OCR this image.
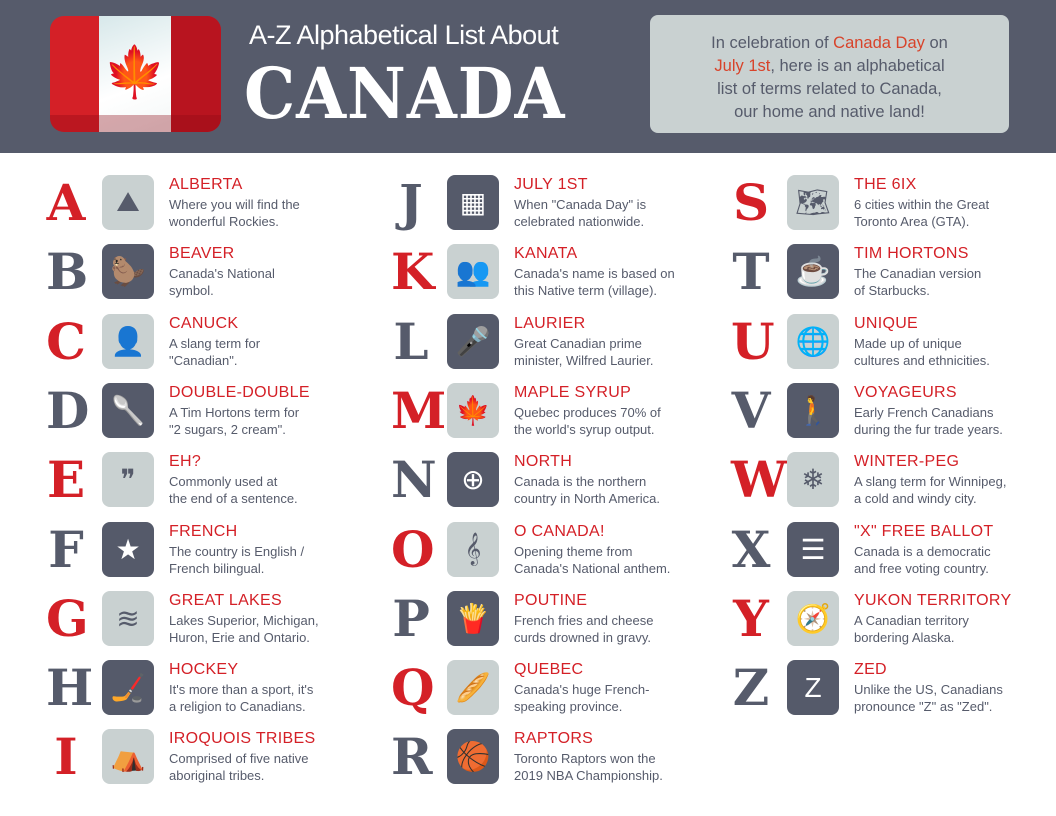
🍁
A-Z Alphabetical List About
CANADA
In celebration of Canada Day on
July 1st, here is an alphabetical
list of terms related to Canada,
our home and native land!
A	⛰
ALBERTA
Where you will find the
wonderful Rockies.
B 🦫
BEAVER
Canada's National
symbol.
C 👤
CANUCK
A slang term for
"Canadian".
D 🥄
DOUBLE-DOUBLE
A Tim Hortons term for
"2 sugars, 2 cream".
E	❞
EH?
Commonly used at
the end of a sentence.
F	★
FRENCH
The country is English /
French bilingual.
G ≋
GREAT LAKES
Lakes Superior, Michigan,
Huron, Erie and Ontario.
H 🏒
HOCKEY
It's more than a sport, it's
a religion to Canadians.
I	⛺
IROQUOIS TRIBES
Comprised of five native
aboriginal tribes.
J	▦
JULY 1ST
When "Canada Day" is
celebrated nationwide.
K 👥
KANATA
Canada's name is based on
this Native term (village).
L 🎤
LAURIER
Great Canadian prime
minister, Wilfred Laurier.
M 🍁
MAPLE SYRUP
Quebec produces 70% of
the world's syrup output.
N ⊕
NORTH
Canada is the northern
country in North America.
O	𝄞
O CANADA!
Opening theme from
Canada's National anthem.
P 🍟
POUTINE
French fries and cheese
curds drowned in gravy.
Q 🥖
QUEBEC
Canada's huge French-
speaking province.
R 🏀
RAPTORS
Toronto Raptors won the
2019 NBA Championship.
S 🗺
THE 6IX
6 cities within the Great
Toronto Area (GTA).
T ☕
TIM HORTONS
The Canadian version
of Starbucks.
U 🌐
UNIQUE
Made up of unique
cultures and ethnicities.
V 🚶
VOYAGEURS
Early French Canadians
during the fur trade years.
W ❄
WINTER-PEG
A slang term for Winnipeg,
a cold and windy city.
X	☰
"X" FREE BALLOT
Canada is a democratic
and free voting country.
Y 🧭
YUKON TERRITORY
A Canadian territory
bordering Alaska.
Z	Z
ZED
Unlike the US, Canadians
pronounce "Z" as "Zed".
